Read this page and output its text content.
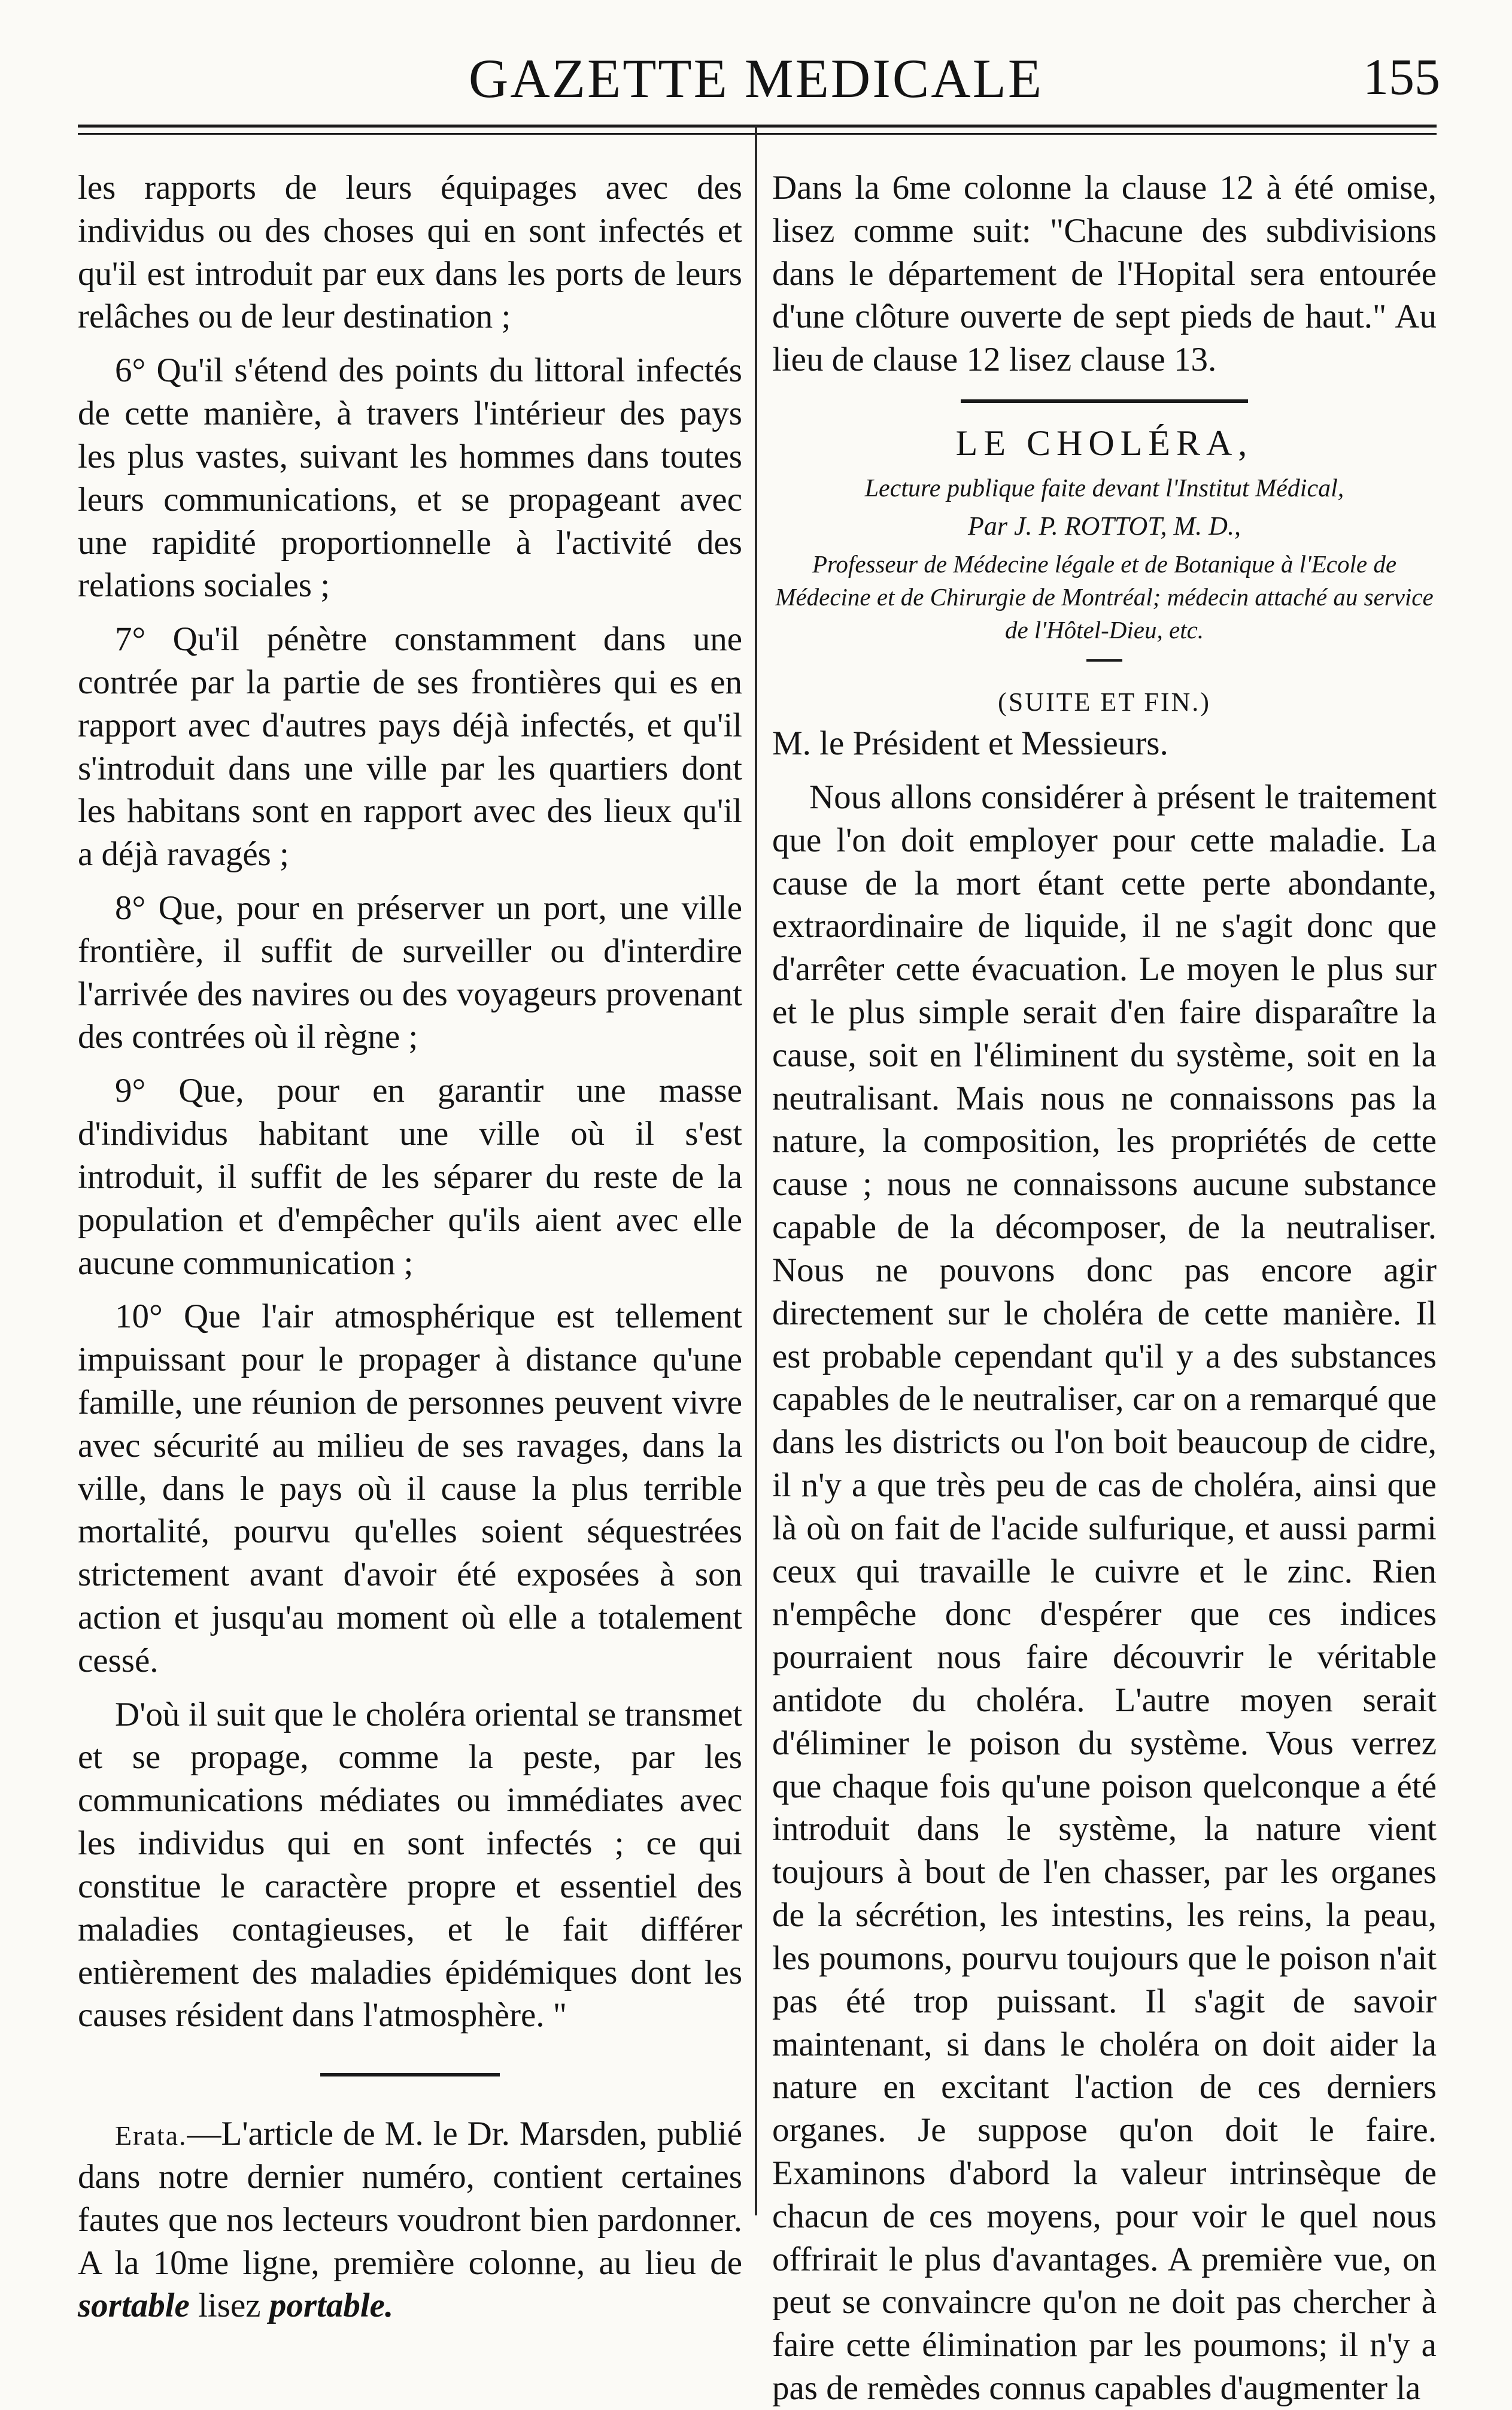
GAZETTE MEDICALE	155

les rapports de leurs équipages avec des individus ou des choses qui en sont infectés et qu'il est introduit par eux dans les ports de leurs relâches ou de leur destination ;

6° Qu'il s'étend des points du littoral infectés de cette manière, à travers l'intérieur des pays les plus vastes, suivant les hommes dans toutes leurs communications, et se propageant avec une rapidité proportionnelle à l'activité des relations sociales ;

7° Qu'il pénètre constamment dans une contrée par la partie de ses frontières qui es en rapport avec d'autres pays déjà infectés, et qu'il s'introduit dans une ville par les quartiers dont les habitans sont en rapport avec des lieux qu'il a déjà ravagés ;

8° Que, pour en préserver un port, une ville frontière, il suffit de surveiller ou d'interdire l'arrivée des navires ou des voyageurs provenant des contrées où il règne ;

9° Que, pour en garantir une masse d'individus habitant une ville où il s'est introduit, il suffit de les séparer du reste de la population et d'empêcher qu'ils aient avec elle aucune communication ;

10° Que l'air atmosphérique est tellement impuissant pour le propager à distance qu'une famille, une réunion de personnes peuvent vivre avec sécurité au milieu de ses ravages, dans la ville, dans le pays où il cause la plus terrible mortalité, pourvu qu'elles soient séquestrées strictement avant d'avoir été exposées à son action et jusqu'au moment où elle a totalement cessé.

D'où il suit que le choléra oriental se transmet et se propage, comme la peste, par les communications médiates ou immédiates avec les individus qui en sont infectés ; ce qui constitue le caractère propre et essentiel des maladies contagieuses, et le fait différer entièrement des maladies épidémiques dont les causes résident dans l'atmosphère. "

Erata.—L'article de M. le Dr. Marsden, publié dans notre dernier numéro, contient certaines fautes que nos lecteurs voudront bien pardonner. A la 10me ligne, première colonne, au lieu de sortable lisez portable.

Dans la 6me colonne la clause 12 à été omise, lisez comme suit: "Chacune des subdivisions dans le département de l'Hopital sera entourée d'une clôture ouverte de sept pieds de haut." Au lieu de clause 12 lisez clause 13.

LE CHOLÉRA,
Lecture publique faite devant l'Institut Médical,
Par J. P. ROTTOT, M. D.,
Professeur de Médecine légale et de Botanique à l'Ecole de Médecine et de Chirurgie de Montréal; médecin attaché au service de l'Hôtel-Dieu, etc.
(SUITE ET FIN.)

M. le Président et Messieurs.

Nous allons considérer à présent le traitement que l'on doit employer pour cette maladie. La cause de la mort étant cette perte abondante, extraordinaire de liquide, il ne s'agit donc que d'arrêter cette évacuation. Le moyen le plus sur et le plus simple serait d'en faire disparaître la cause, soit en l'éliminent du système, soit en la neutralisant. Mais nous ne connaissons pas la nature, la composition, les propriétés de cette cause ; nous ne connaissons aucune substance capable de la décomposer, de la neutraliser. Nous ne pouvons donc pas encore agir directement sur le choléra de cette manière. Il est probable cependant qu'il y a des substances capables de le neutraliser, car on a remarqué que dans les districts ou l'on boit beaucoup de cidre, il n'y a que très peu de cas de choléra, ainsi que là où on fait de l'acide sulfurique, et aussi parmi ceux qui travaille le cuivre et le zinc. Rien n'empêche donc d'espérer que ces indices pourraient nous faire découvrir le véritable antidote du choléra. L'autre moyen serait d'éliminer le poison du système. Vous verrez que chaque fois qu'une poison quelconque a été introduit dans le système, la nature vient toujours à bout de l'en chasser, par les organes de la sécrétion, les intestins, les reins, la peau, les poumons, pourvu toujours que le poison n'ait pas été trop puissant. Il s'agit de savoir maintenant, si dans le choléra on doit aider la nature en excitant l'action de ces derniers organes. Je suppose qu'on doit le faire. Examinons d'abord la valeur intrinsèque de chacun de ces moyens, pour voir le quel nous offrirait le plus d'avantages. A première vue, on peut se convaincre qu'on ne doit pas chercher à faire cette élimination par les poumons; il n'y a pas de remèdes connus capables d'augmenter la
